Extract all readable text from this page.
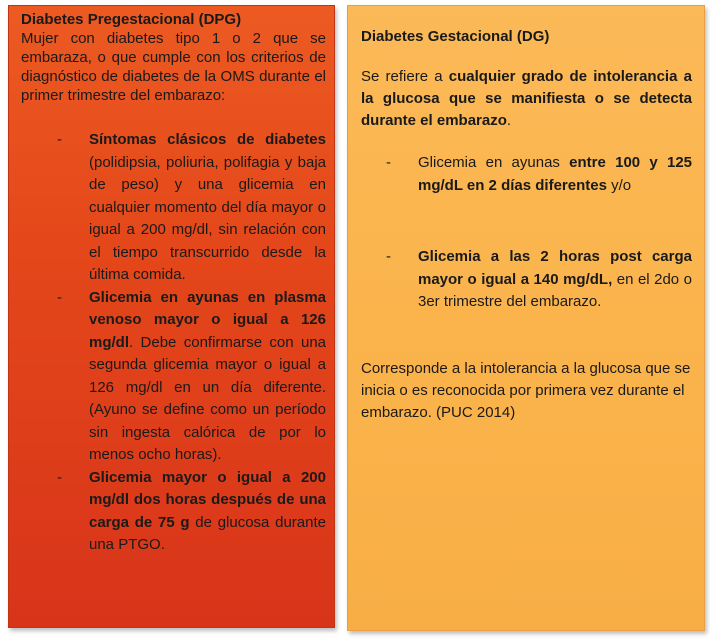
Diabetes Pregestacional (DPG)

Mujer con diabetes tipo 1 o 2 que se embaraza, o que cumple con los criterios de diagnóstico de diabetes de la OMS durante el primer trimestre del embarazo:

- Síntomas clásicos de diabetes (polidipsia, poliuria, polifagia y baja de peso) y una glicemia en cualquier momento del día mayor o igual a 200 mg/dl, sin relación con el tiempo transcurrido desde la última comida.
- Glicemia en ayunas en plasma venoso mayor o igual a 126 mg/dl. Debe confirmarse con una segunda glicemia mayor o igual a 126 mg/dl en un día diferente. (Ayuno se define como un período sin ingesta calórica de por lo menos ocho horas).
- Glicemia mayor o igual a 200 mg/dl dos horas después de una carga de 75 g de glucosa durante una PTGO.

Diabetes Gestacional (DG)

Se refiere a cualquier grado de intolerancia a la glucosa que se manifiesta o se detecta durante el embarazo.

- Glicemia en ayunas entre 100 y 125 mg/dL en 2 días diferentes y/o
- Glicemia a las 2 horas post carga mayor o igual a 140 mg/dL, en el 2do o 3er trimestre del embarazo.

Corresponde a la intolerancia a la glucosa que se inicia o es reconocida por primera vez durante el embarazo. (PUC 2014)
